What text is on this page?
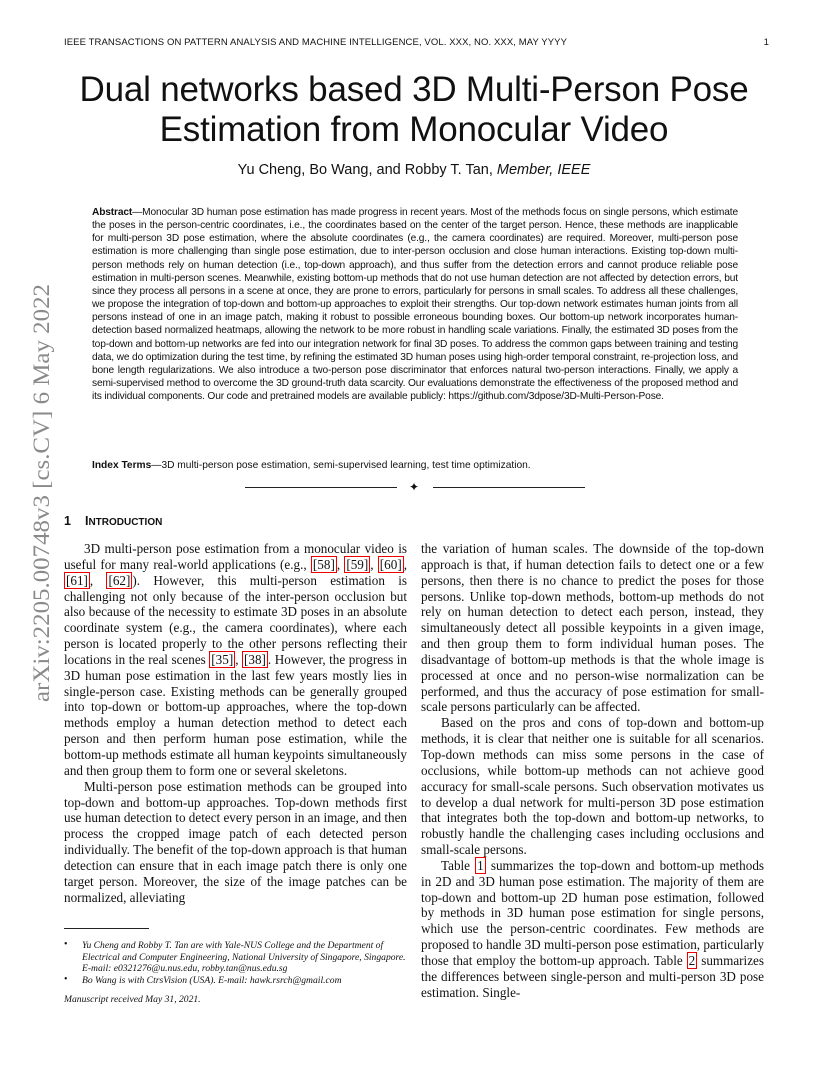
IEEE TRANSACTIONS ON PATTERN ANALYSIS AND MACHINE INTELLIGENCE, VOL. XXX, NO. XXX, MAY YYYY	1
Dual networks based 3D Multi-Person Pose
Estimation from Monocular Video
Yu Cheng, Bo Wang, and Robby T. Tan, Member, IEEE
arXiv:2205.00748v3 [cs.CV] 6 May 2022
Abstract—Monocular 3D human pose estimation has made progress in recent years. Most of the methods focus on single persons, which estimate the poses in the person-centric coordinates, i.e., the coordinates based on the center of the target person. Hence, these methods are inapplicable for multi-person 3D pose estimation, where the absolute coordinates (e.g., the camera coordinates) are required. Moreover, multi-person pose estimation is more challenging than single pose estimation, due to inter-person occlusion and close human interactions. Existing top-down multi-person methods rely on human detection (i.e., top-down approach), and thus suffer from the detection errors and cannot produce reliable pose estimation in multi-person scenes. Meanwhile, existing bottom-up methods that do not use human detection are not affected by detection errors, but since they process all persons in a scene at once, they are prone to errors, particularly for persons in small scales. To address all these challenges, we propose the integration of top-down and bottom-up approaches to exploit their strengths. Our top-down network estimates human joints from all persons instead of one in an image patch, making it robust to possible erroneous bounding boxes. Our bottom-up network incorporates human-detection based normalized heatmaps, allowing the network to be more robust in handling scale variations. Finally, the estimated 3D poses from the top-down and bottom-up networks are fed into our integration network for final 3D poses. To address the common gaps between training and testing data, we do optimization during the test time, by refining the estimated 3D human poses using high-order temporal constraint, re-projection loss, and bone length regularizations. We also introduce a two-person pose discriminator that enforces natural two-person interactions. Finally, we apply a semi-supervised method to overcome the 3D ground-truth data scarcity. Our evaluations demonstrate the effectiveness of the proposed method and its individual components. Our code and pretrained models are available publicly: https://github.com/3dpose/3D-Multi-Person-Pose.
Index Terms—3D multi-person pose estimation, semi-supervised learning, test time optimization.
✦
1 INTRODUCTION

3D multi-person pose estimation from a monocular video is useful for many real-world applications (e.g., [58] , [59] , [60] , [61] , [62] ). However, this multi-person estimation is challenging not only because of the inter-person occlusion but also because of the necessity to estimate 3D poses in an absolute coordinate system (e.g., the camera coordinates), where each person is located properly to the other persons reflecting their locations in the real scenes [35] , [38] . However, the progress in 3D human pose estimation in the last few years mostly lies in single-person case. Existing methods can be generally grouped into top-down or bottom-up approaches, where the top-down methods employ a human detection method to detect each person and then perform human pose estimation, while the bottom-up methods estimate all human keypoints simultaneously and then group them to form one or several skeletons.

Multi-person pose estimation methods can be grouped into top-down and bottom-up approaches. Top-down methods first use human detection to detect every person in an image, and then process the cropped image patch of each detected person individually. The benefit of the top-down approach is that human detection can ensure that in each image patch there is only one target person. Moreover, the size of the image patches can be normalized, alleviating

the variation of human scales. The downside of the top-down approach is that, if human detection fails to detect one or a few persons, then there is no chance to predict the poses for those persons. Unlike top-down methods, bottom-up methods do not rely on human detection to detect each person, instead, they simultaneously detect all possible keypoints in a given image, and then group them to form individual human poses. The disadvantage of bottom-up methods is that the whole image is processed at once and no person-wise normalization can be performed, and thus the accuracy of pose estimation for small-scale persons particularly can be affected.

Based on the pros and cons of top-down and bottom-up methods, it is clear that neither one is suitable for all scenarios. Top-down methods can miss some persons in the case of occlusions, while bottom-up methods can not achieve good accuracy for small-scale persons. Such observation motivates us to develop a dual network for multi-person 3D pose estimation that integrates both the top-down and bottom-up networks, to robustly handle the challenging cases including occlusions and small-scale persons.

Table 1 summarizes the top-down and bottom-up methods in 2D and 3D human pose estimation. The majority of them are top-down and bottom-up 2D human pose estimation, followed by methods in 3D human pose estimation for single persons, which use the person-centric coordinates. Few methods are proposed to handle 3D multi-person pose estimation, particularly those that employ the bottom-up approach. Table 2 summarizes the differences between single-person and multi-person 3D pose estimation. Single-

• Yu Cheng and Robby T. Tan are with Yale-NUS College and the Department of Electrical and Computer Engineering, National University of Singapore, Singapore. E-mail: e0321276@u.nus.edu, robby.tan@nus.edu.sg
• Bo Wang is with CtrsVision (USA). E-mail: hawk.rsrch@gmail.com
Manuscript received May 31, 2021.
